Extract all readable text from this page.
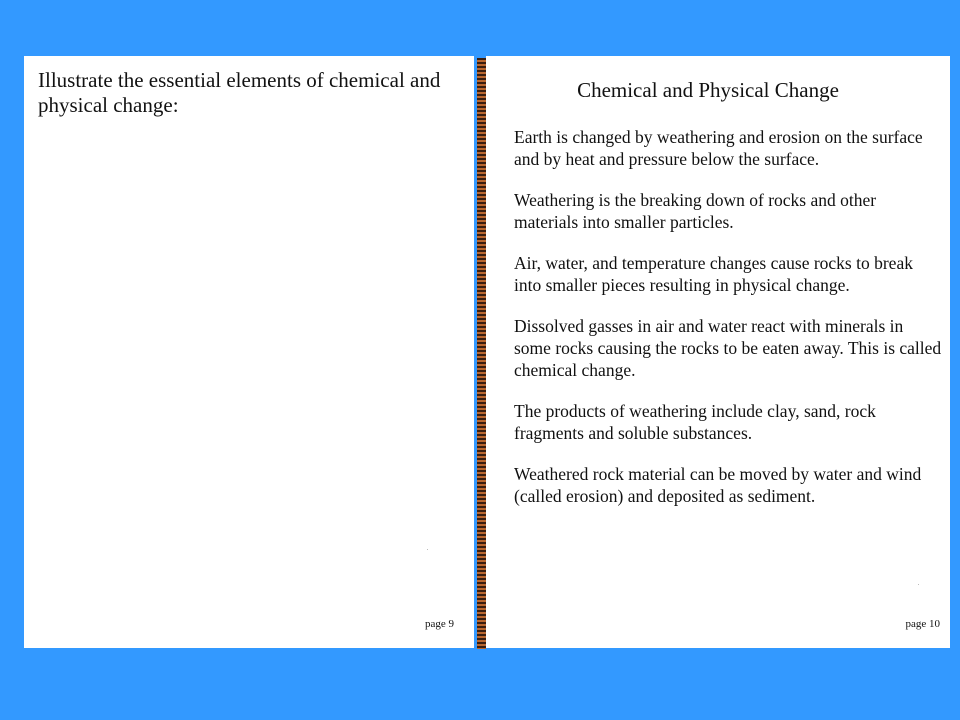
Illustrate the essential elements of chemical and physical change:

page 9
Chemical and Physical Change

Earth is changed by weathering and erosion on the surface and by heat and pressure below the surface.

Weathering is the breaking down of rocks and other materials into smaller particles.

Air, water, and temperature changes cause rocks to break into smaller pieces resulting in physical change.

Dissolved gasses in air and water react with minerals in some rocks causing the rocks to be eaten away. This is called chemical change.

The products of weathering include clay, sand, rock fragments and soluble substances.

Weathered rock material can be moved by water and wind (called erosion) and deposited as sediment.

page 10
